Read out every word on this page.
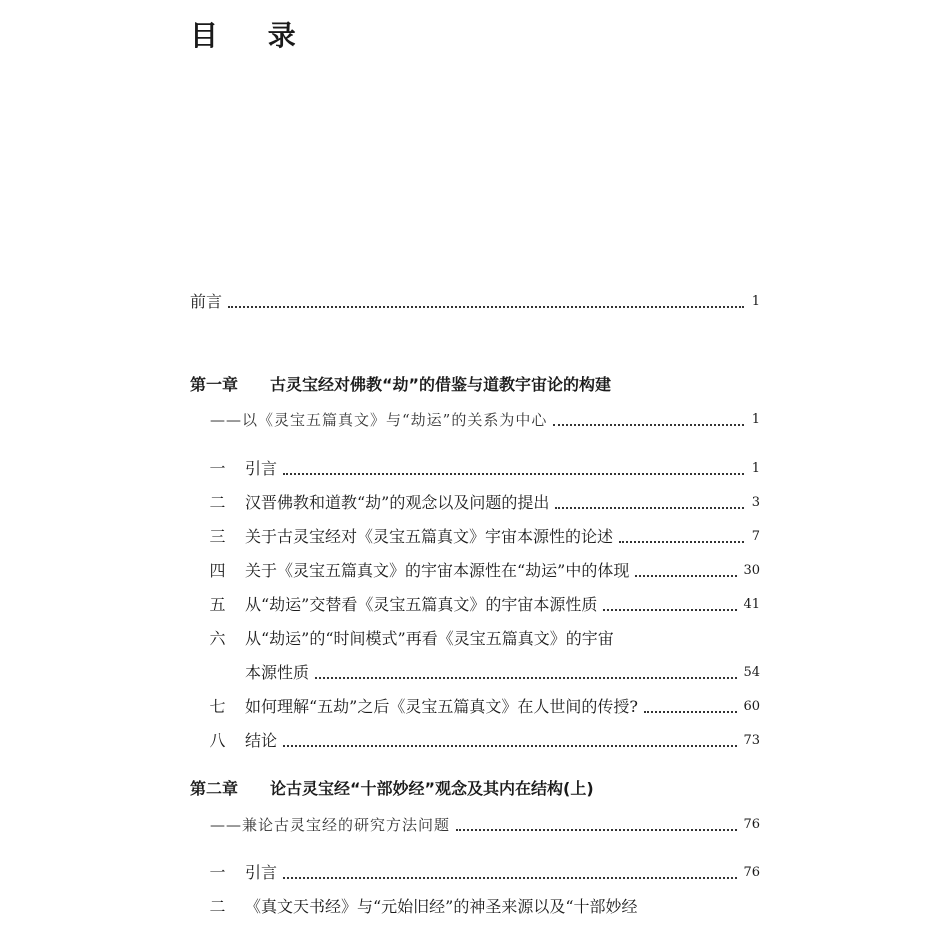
目 录
前言	1
第一章	古灵宝经对佛教“劫”的借鉴与道教宇宙论的构建
——以《灵宝五篇真文》与“劫运”的关系为中心	1
一	引言	1
二	汉晋佛教和道教“劫”的观念以及问题的提出	3
三	关于古灵宝经对《灵宝五篇真文》宇宙本源性的论述	7
四	关于《灵宝五篇真文》的宇宙本源性在“劫运”中的体现	30
五	从“劫运”交替看《灵宝五篇真文》的宇宙本源性质	41
六	从“劫运”的“时间模式”再看《灵宝五篇真文》的宇宙
本源性质	54
七	如何理解“五劫”之后《灵宝五篇真文》在人世间的传授?	60
八	结论	73
第二章	论古灵宝经“十部妙经”观念及其内在结构(上)
——兼论古灵宝经的研究方法问题	76
一	引言	76
二	《真文天书经》与“元始旧经”的神圣来源以及“十部妙经
